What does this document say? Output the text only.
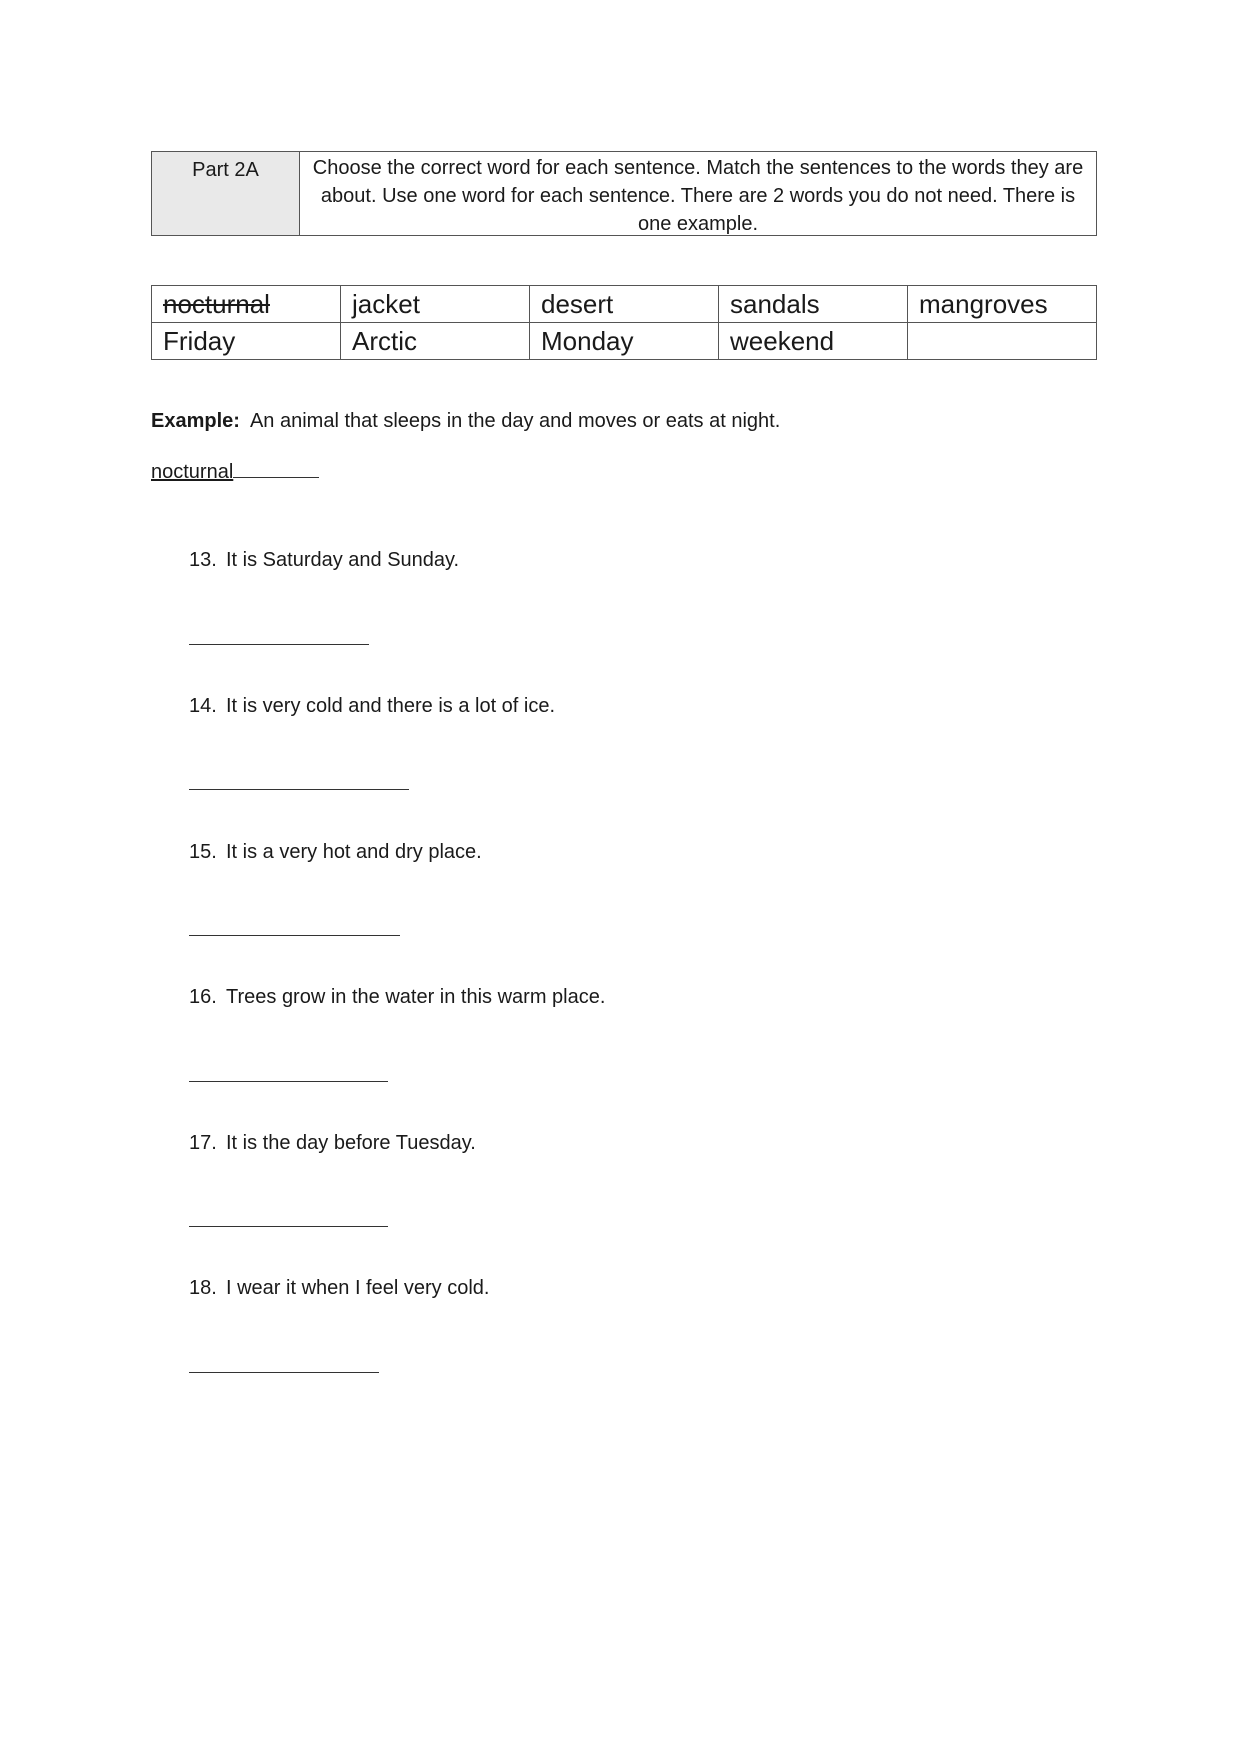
Part 2A	Choose the correct word for each sentence. Match the sentences to the words they are about. Use one word for each sentence. There are 2 words you do not need. There is one example.
nocturnal	jacket	desert	sandals	mangroves
Friday	Arctic	Monday	weekend	
Example: An animal that sleeps in the day and moves or eats at night.
nocturnal
13. It is Saturday and Sunday.
14. It is very cold and there is a lot of ice.
15. It is a very hot and dry place.
16. Trees grow in the water in this warm place.
17. It is the day before Tuesday.
18. I wear it when I feel very cold.
